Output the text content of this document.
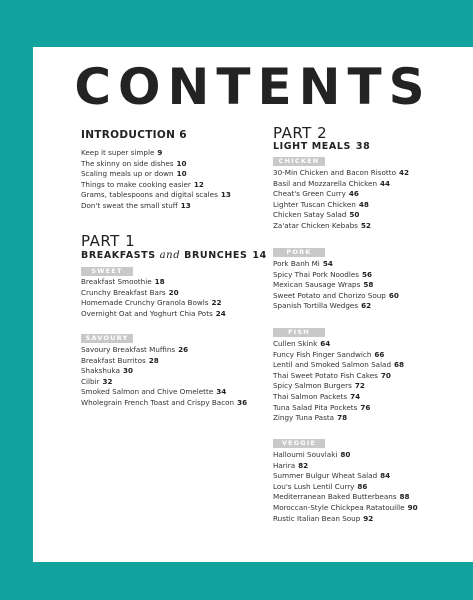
CONTENTS
INTRODUCTION 6
Keep it super simple 9
The skinny on side dishes 10
Scaling meals up or down 10
Things to make cooking easier 12
Grams, tablespoons and digital scales 13
Don't sweat the small stuff 13
PART 1
BREAKFASTS and BRUNCHES 14
SWEET
Breakfast Smoothie 18
Crunchy Breakfast Bars 20
Homemade Crunchy Granola Bowls 22
Overnight Oat and Yoghurt Chia Pots 24
SAVOURY
Savoury Breakfast Muffins 26
Breakfast Burritos 28
Shakshuka 30
Cilbir 32
Smoked Salmon and Chive Omelette 34
Wholegrain French Toast and Crispy Bacon 36
PART 2
LIGHT MEALS 38
CHICKEN
30-Min Chicken and Bacon Risotto 42
Basil and Mozzarella Chicken 44
Cheat's Green Curry 46
Lighter Tuscan Chicken 48
Chicken Satay Salad 50
Za'atar Chicken Kebabs 52
PORK
Pork Banh Mi 54
Spicy Thai Pork Noodles 56
Mexican Sausage Wraps 58
Sweet Potato and Chorizo Soup 60
Spanish Tortilla Wedges 62
FISH
Cullen Skink 64
Funcy Fish Finger Sandwich 66
Lentil and Smoked Salmon Salad 68
Thai Sweet Potato Fish Cakes 70
Spicy Salmon Burgers 72
Thai Salmon Packets 74
Tuna Salad Pita Pockets 76
Zingy Tuna Pasta 78
VEGGIE
Halloumi Souvlaki 80
Harira 82
Summer Bulgur Wheat Salad 84
Lou's Lush Lentil Curry 86
Mediterranean Baked Butterbeans 88
Moroccan-Style Chickpea Ratatouille 90
Rustic Italian Bean Soup 92
